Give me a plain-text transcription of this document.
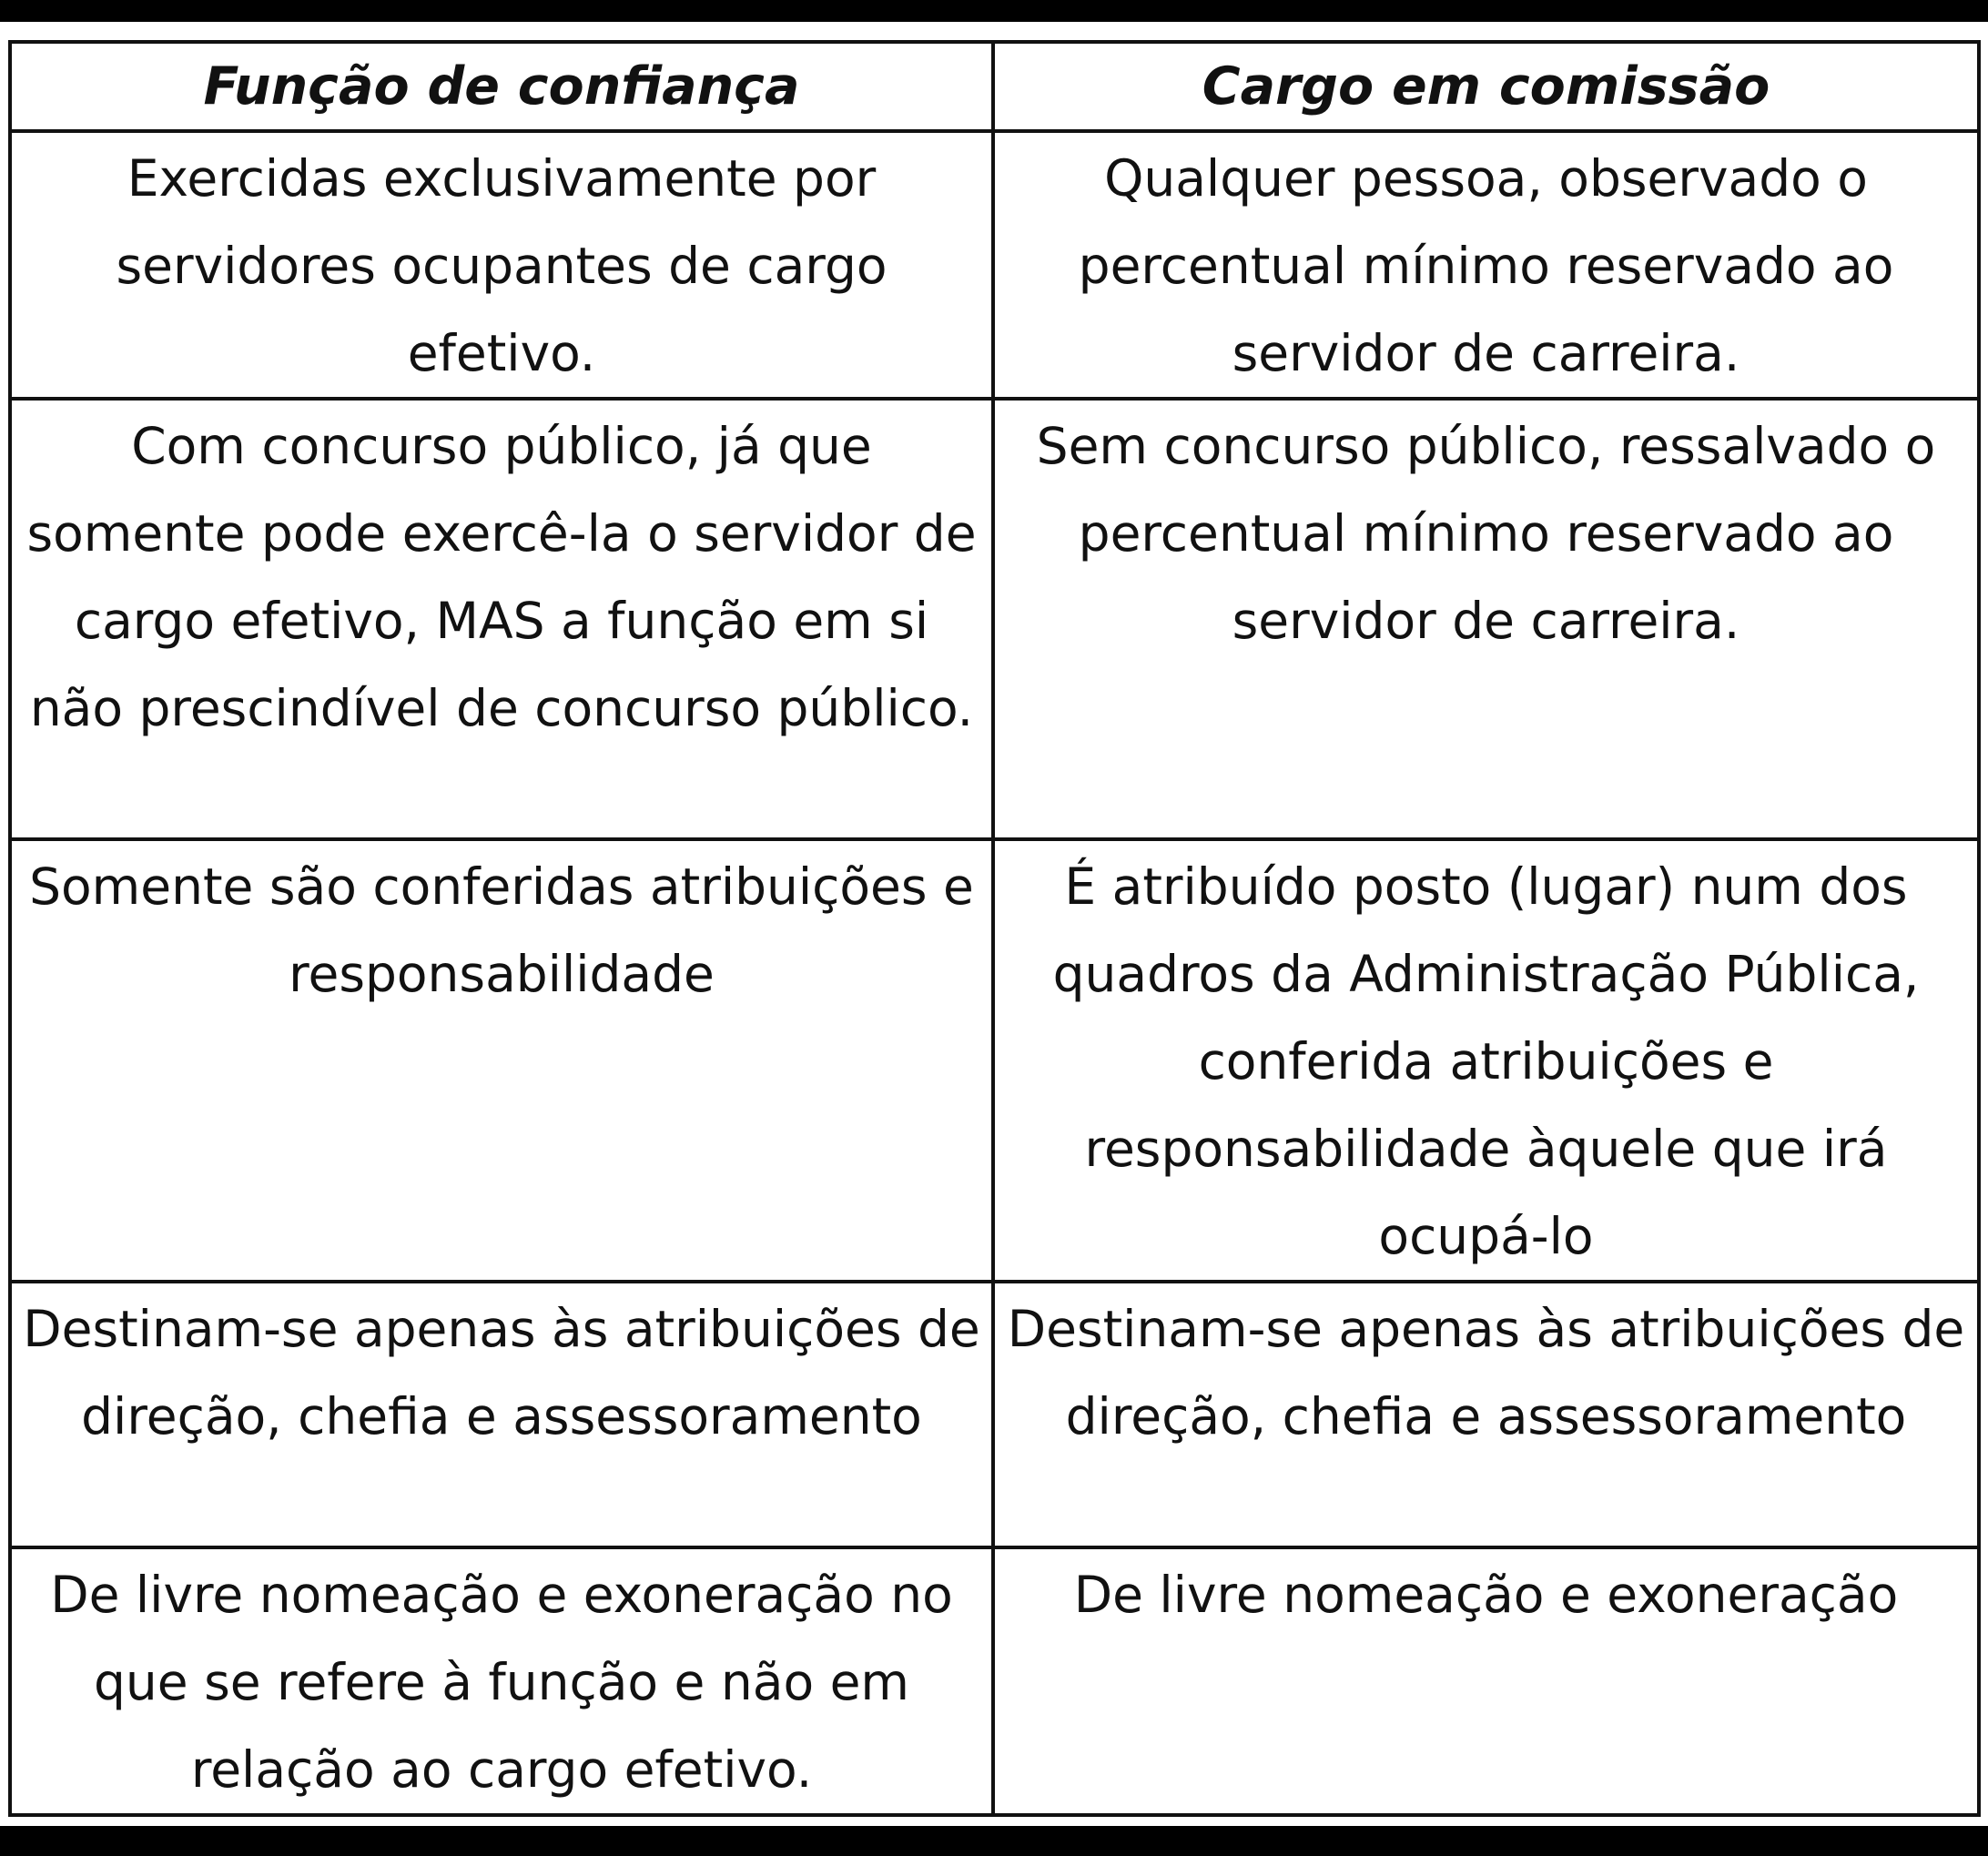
Função de confiança	Cargo em comissão
Exercidas exclusivamente por servidores ocupantes de cargo efetivo.	Qualquer pessoa, observado o percentual mínimo reservado ao servidor de carreira.
Com concurso público, já que somente pode exercê-la o servidor de cargo efetivo, MAS a função em si não prescindível de concurso público.	Sem concurso público, ressalvado o percentual mínimo reservado ao servidor de carreira.
Somente são conferidas atribuições e responsabilidade	É atribuído posto (lugar) num dos quadros da Administração Pública, conferida atribuições e responsabilidade àquele que irá ocupá-lo
Destinam-se apenas às atribuições de direção, chefia e assessoramento	Destinam-se apenas às atribuições de direção, chefia e assessoramento
De livre nomeação e exoneração no que se refere à função e não em relação ao cargo efetivo.	De livre nomeação e exoneração
